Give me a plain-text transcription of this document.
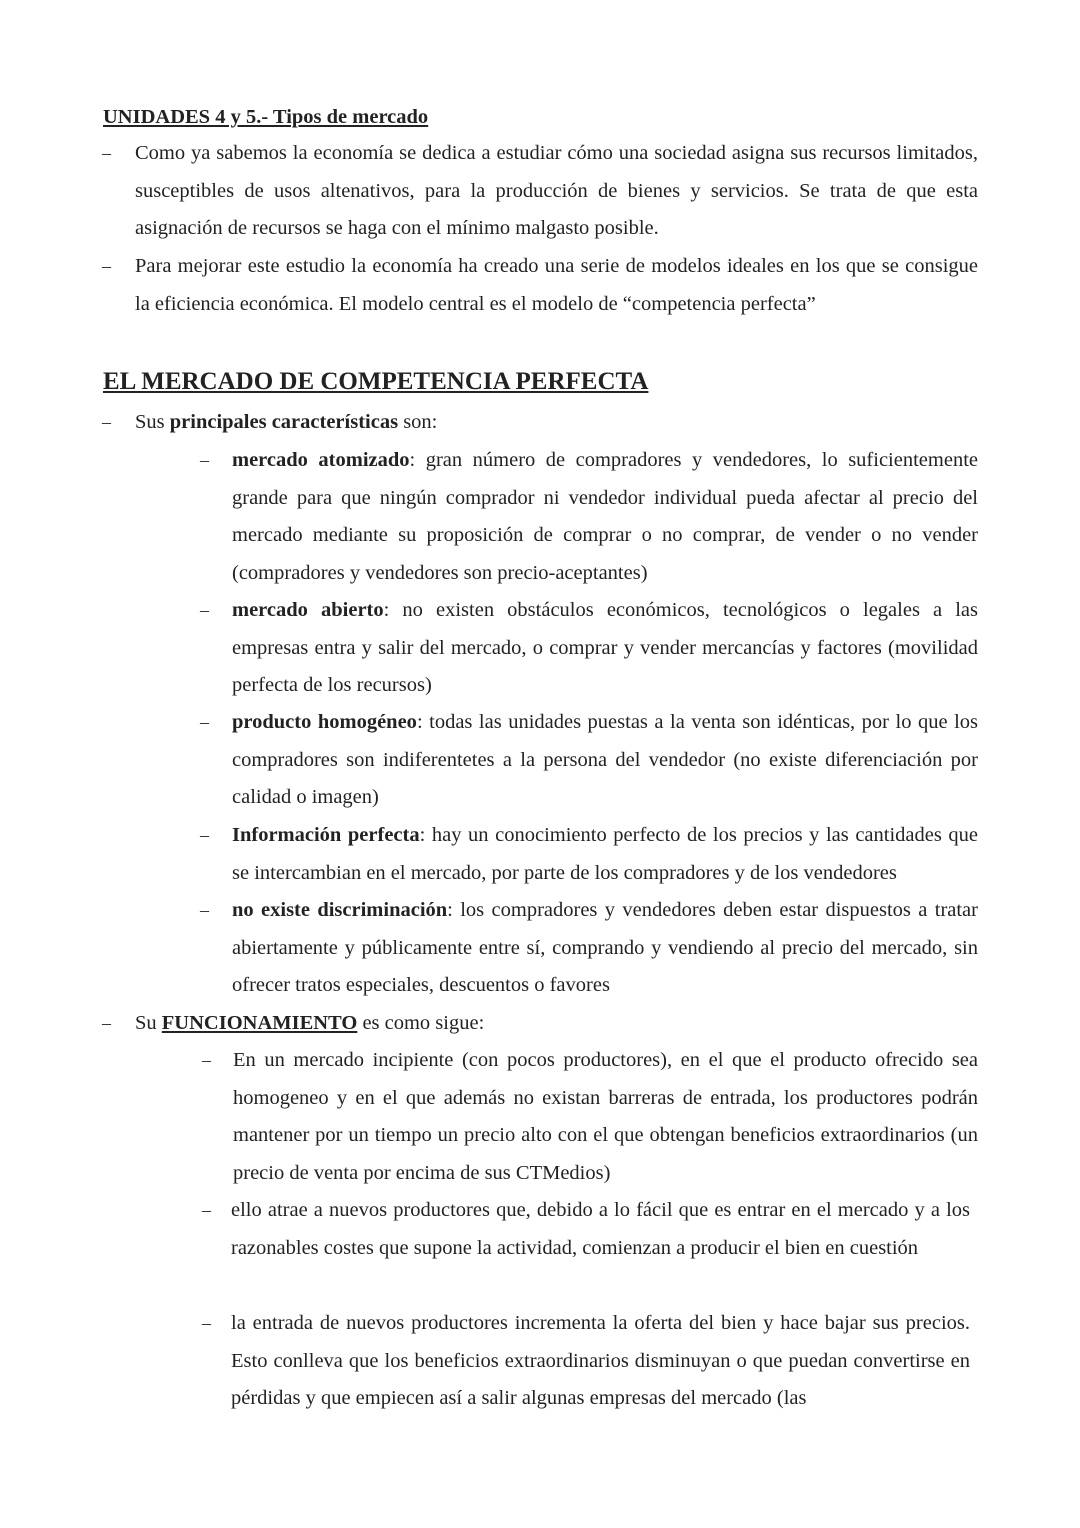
UNIDADES 4 y 5.- Tipos de mercado
– Como ya sabemos la economía se dedica a estudiar cómo una sociedad asigna sus recursos limitados, susceptibles de usos altenativos, para la producción de bienes y servicios. Se trata de que esta asignación de recursos se haga con el mínimo malgasto posible.

– Para mejorar este estudio la economía ha creado una serie de modelos ideales en los que se consigue la eficiencia económica. El modelo central es el modelo de “competencia perfecta”

EL MERCADO DE COMPETENCIA PERFECTA
– Sus principales características son:

–	mercado atomizado: gran número de compradores y vendedores, lo suficientemente grande para que ningún comprador ni vendedor individual pueda afectar al precio del mercado mediante su proposición de comprar o no comprar, de vender o no vender (compradores y vendedores son precio-aceptantes)

–	mercado abierto: no existen obstáculos económicos, tecnológicos o legales a las empresas entra y salir del mercado, o comprar y vender mercancías y factores (movilidad perfecta de los recursos)

–	producto homogéneo: todas las unidades puestas a la venta son idénticas, por lo que los compradores son indiferentetes a la persona del vendedor (no existe diferenciación por calidad o imagen)

–	Información perfecta: hay un conocimiento perfecto de los precios y las cantidades que se intercambian en el mercado, por parte de los compradores y de los vendedores

–	no existe discriminación: los compradores y vendedores deben estar dispuestos a tratar abiertamente y públicamente entre sí, comprando y vendiendo al precio del mercado, sin ofrecer tratos especiales, descuentos o favores

– Su FUNCIONAMIENTO es como sigue:

– En un mercado incipiente (con pocos productores), en el que el producto ofrecido sea homogeneo y en el que además no existan barreras de entrada, los productores podrán mantener por un tiempo un precio alto con el que obtengan beneficios extraordinarios (un precio de venta por encima de sus CTMedios)

– ello atrae a nuevos productores que, debido a lo fácil que es entrar en el mercado y a los razonables costes que supone la actividad, comienzan a producir el bien en cuestión

– la entrada de nuevos productores incrementa la oferta del bien y hace bajar sus precios. Esto conlleva que los beneficios extraordinarios disminuyan o que puedan convertirse en pérdidas y que empiecen así a salir algunas empresas del mercado (las
